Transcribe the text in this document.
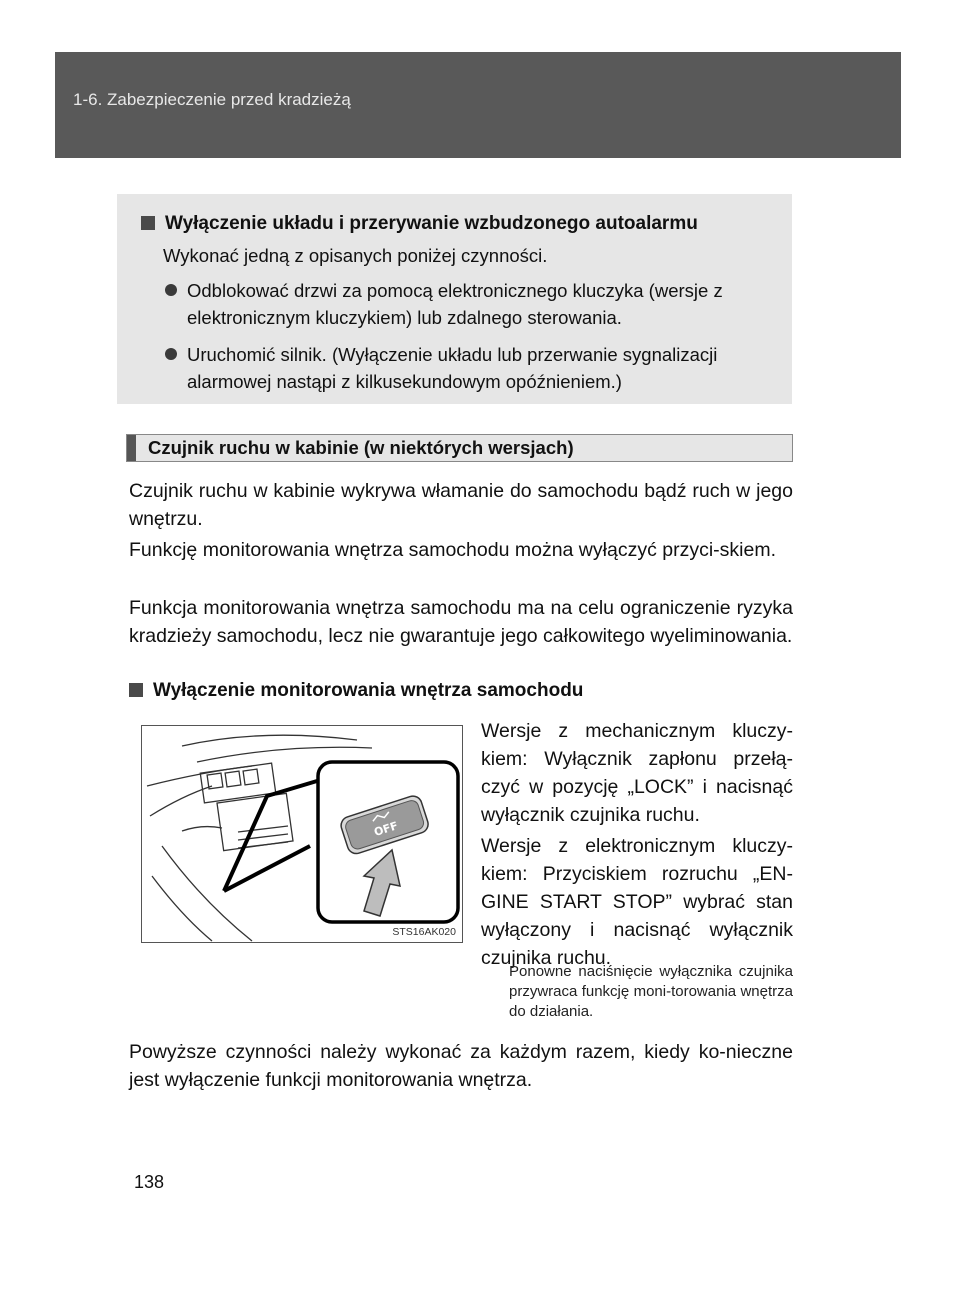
1-6. Zabezpieczenie przed kradzieżą
Wyłączenie układu i przerywanie wzbudzonego autoalarmu
Wykonać jedną z opisanych poniżej czynności.
Odblokować drzwi za pomocą elektronicznego kluczyka (wersje z elektronicznym kluczykiem) lub zdalnego sterowania.
Uruchomić silnik. (Wyłączenie układu lub przerwanie sygnalizacji alarmowej nastąpi z kilkusekundowym opóźnieniem.)
Czujnik ruchu w kabinie (w niektórych wersjach)
Czujnik ruchu w kabinie wykrywa włamanie do samochodu bądź ruch w jego wnętrzu.
Funkcję monitorowania wnętrza samochodu można wyłączyć przyci-skiem.
Funkcja monitorowania wnętrza samochodu ma na celu ograniczenie ryzyka kradzieży samochodu, lecz nie gwarantuje jego całkowitego wyeliminowania.
Wyłączenie monitorowania wnętrza samochodu
OFF
STS16AK020
Wersje z mechanicznym kluczy-kiem: Wyłącznik zapłonu przełą-czyć w pozycję „LOCK” i nacisnąć wyłącznik czujnika ruchu.
Wersje z elektronicznym kluczy-kiem: Przyciskiem rozruchu „EN-GINE START STOP” wybrać stan wyłączony i nacisnąć wyłącznik czujnika ruchu.
Ponowne naciśnięcie wyłącznika czujnika przywraca funkcję moni-torowania wnętrza do działania.
Powyższe czynności należy wykonać za każdym razem, kiedy ko-nieczne jest wyłączenie funkcji monitorowania wnętrza.
138
